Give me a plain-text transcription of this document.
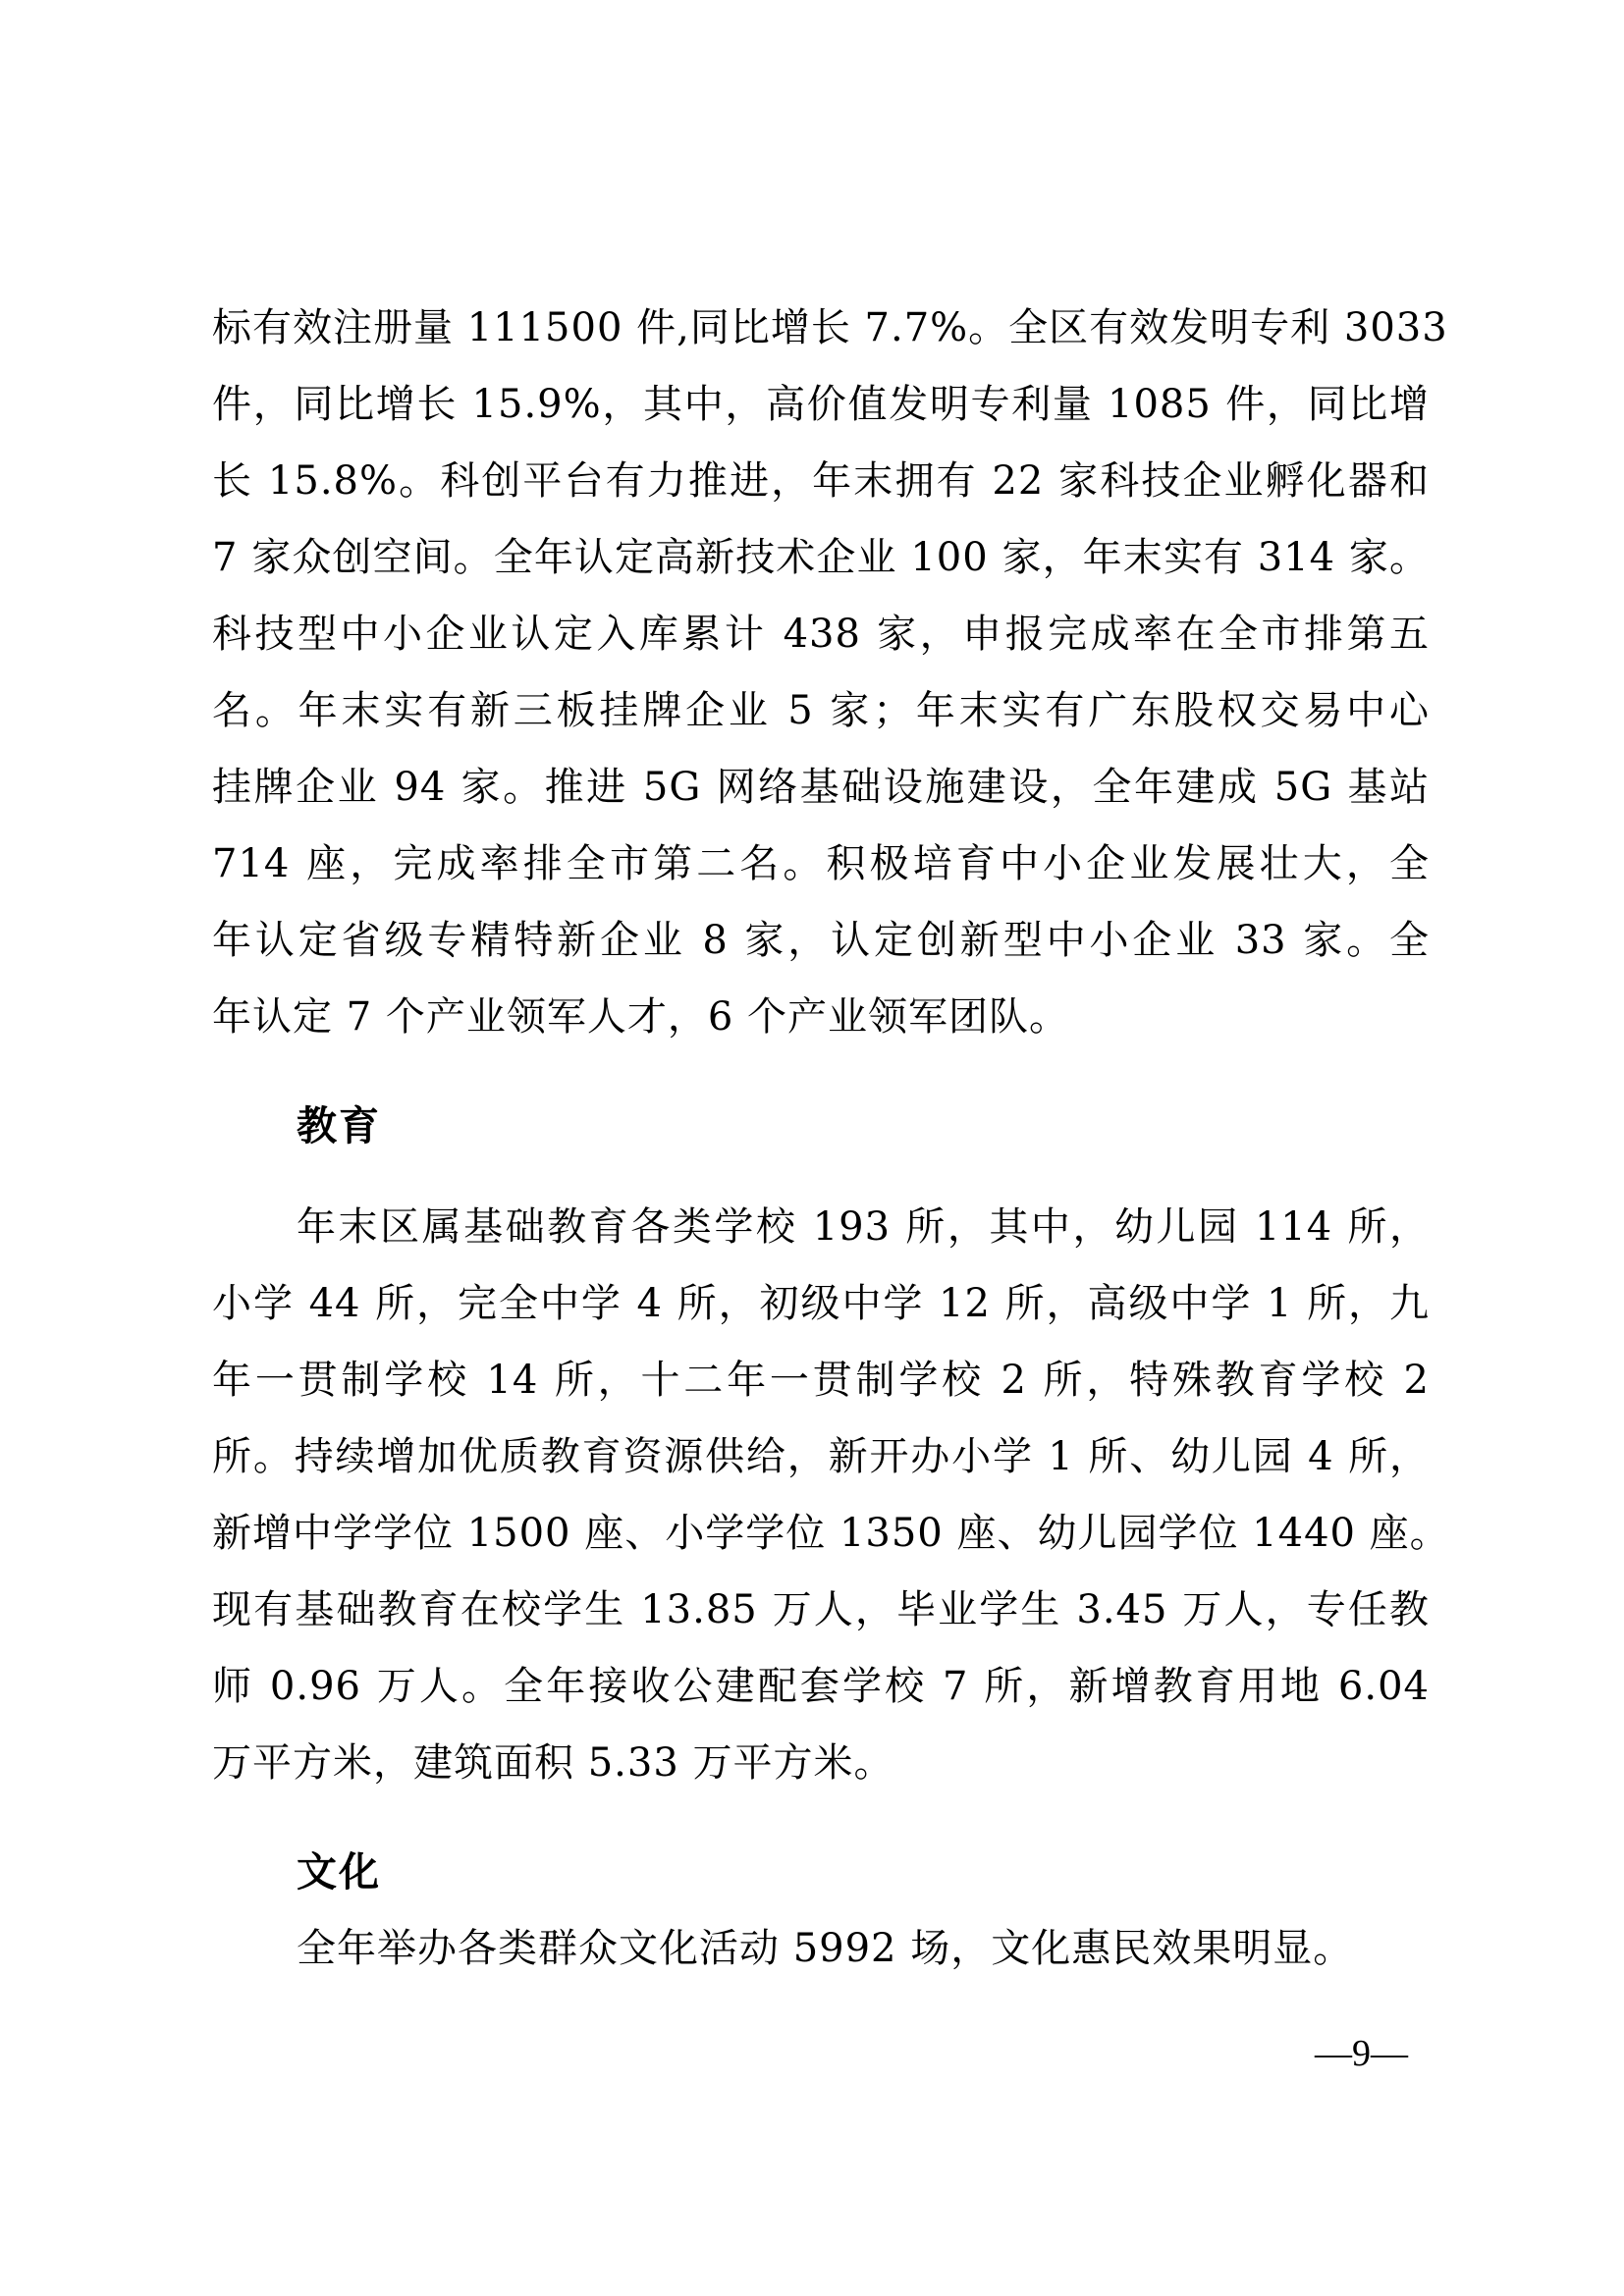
标有效注册量 111500 件,同比增长 7.7%。全区有效发明专利 3033
件，同比增长 15.9%，其中，高价值发明专利量 1085 件，同比增
长 15.8%。科创平台有力推进，年末拥有 22 家科技企业孵化器和
7 家众创空间。全年认定高新技术企业 100 家，年末实有 314 家。
科技型中小企业认定入库累计 438 家，申报完成率在全市排第五
名。年末实有新三板挂牌企业 5 家；年末实有广东股权交易中心
挂牌企业 94 家。推进 5G 网络基础设施建设，全年建成 5G 基站
714 座，完成率排全市第二名。积极培育中小企业发展壮大，全
年认定省级专精特新企业 8 家，认定创新型中小企业 33 家。全
年认定 7 个产业领军人才，6 个产业领军团队。
教育
年末区属基础教育各类学校 193 所，其中，幼儿园 114 所，
小学 44 所，完全中学 4 所，初级中学 12 所，高级中学 1 所，九
年一贯制学校 14 所，十二年一贯制学校 2 所，特殊教育学校 2
所。持续增加优质教育资源供给，新开办小学 1 所、幼儿园 4 所，
新增中学学位 1500 座、小学学位 1350 座、幼儿园学位 1440 座。
现有基础教育在校学生 13.85 万人，毕业学生 3.45 万人，专任教
师 0.96 万人。全年接收公建配套学校 7 所，新增教育用地 6.04
万平方米，建筑面积 5.33 万平方米。
文化
全年举办各类群众文化活动 5992 场，文化惠民效果明显。
—9—
